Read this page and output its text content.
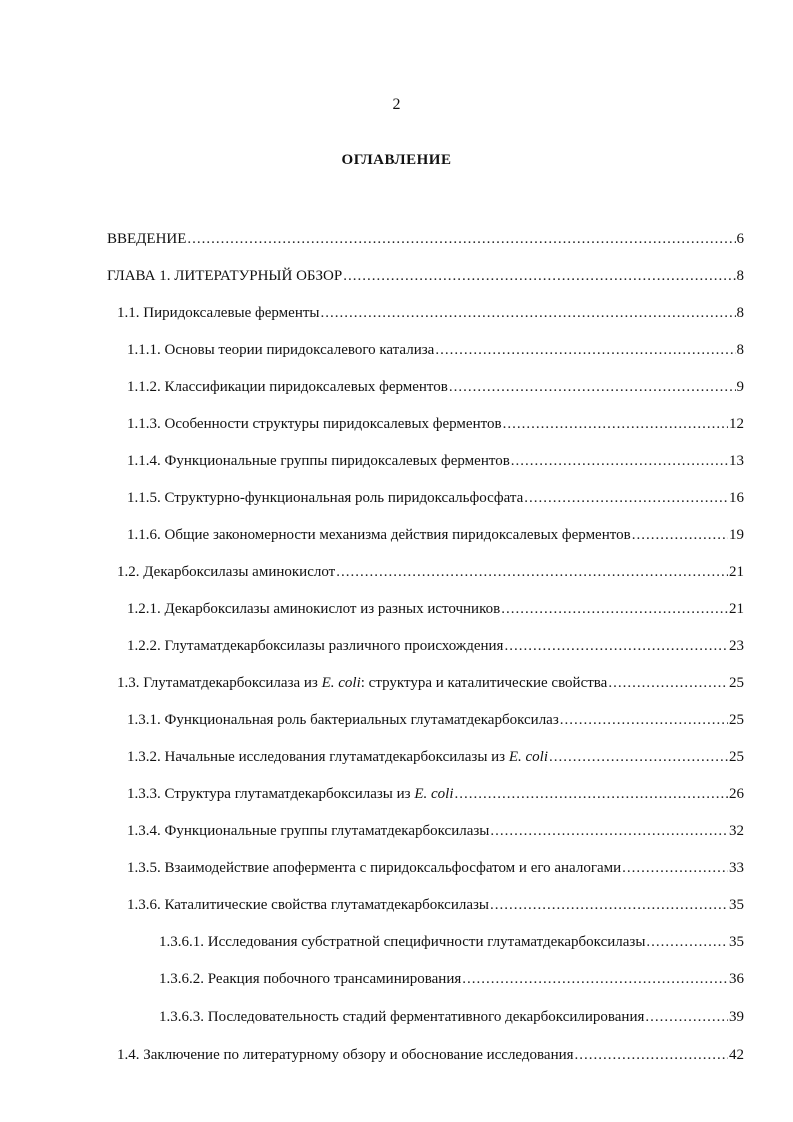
2
ОГЛАВЛЕНИЕ
ВВЕДЕНИЕ .....	6
ГЛАВА 1. ЛИТЕРАТУРНЫЙ ОБЗОР .....	8
1.1. Пиридоксалевые ферменты .....	8
1.1.1. Основы теории пиридоксалевого катализа .....	8
1.1.2. Классификации пиридоксалевых ферментов .....	9
1.1.3. Особенности структуры пиридоксалевых ферментов .....	12
1.1.4. Функциональные группы пиридоксалевых ферментов .....	13
1.1.5. Структурно-функциональная роль пиридоксальфосфата .....	16
1.1.6. Общие закономерности механизма действия пиридоксалевых ферментов .....	19
1.2. Декарбоксилазы аминокислот .....	21
1.2.1. Декарбоксилазы аминокислот из разных источников .....	21
1.2.2. Глутаматдекарбоксилазы различного происхождения .....	23
1.3. Глутаматдекарбоксилаза из E. coli: структура и каталитические свойства .....	25
1.3.1. Функциональная роль бактериальных глутаматдекарбоксилаз .....	25
1.3.2. Начальные исследования глутаматдекарбоксилазы из E. coli .....	25
1.3.3. Структура глутаматдекарбоксилазы из E. coli .....	26
1.3.4. Функциональные группы глутаматдекарбоксилазы .....	32
1.3.5. Взаимодействие апофермента с пиридоксальфосфатом и его аналогами .....	33
1.3.6. Каталитические свойства глутаматдекарбоксилазы .....	35
1.3.6.1. Исследования субстратной специфичности глутаматдекарбоксилазы .....	35
1.3.6.2. Реакция побочного трансаминирования .....	36
1.3.6.3. Последовательность стадий ферментативного декарбоксилирования .....	39
1.4. Заключение по литературному обзору и обоснование исследования .....	42
